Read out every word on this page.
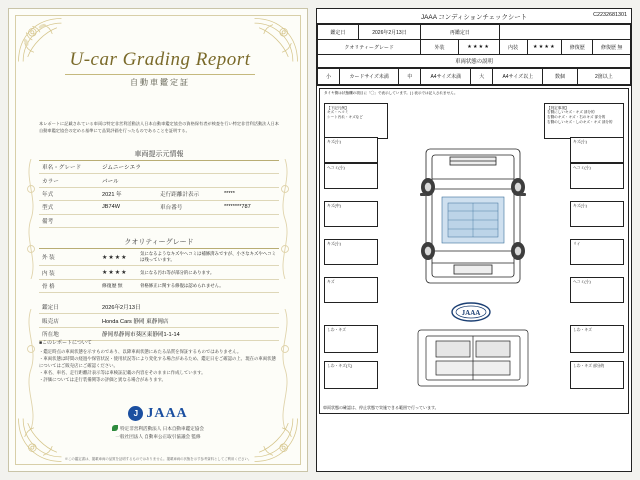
U-car Grading Report
自動車鑑定証
本レポートに記載されている車両は特定非営利活動法人日本自動車鑑定協会の資格保有者が検査を行い特定非営利活動法人日本自動車鑑定協会の定める基準にて品質評価を行ったものであることを証明する。
車両提示元情報
車名・グレード	ジムニーシエラ		
カラー	パール		
年式	2021 年	走行距離計表示	*****
型式	JB74W	車台番号	********787
備考			
クオリティーグレード
外 装	★★★★	気になるようなキズやへコミは補修済みですが、小さなキズやヘコミは残っています。
内 装	★★★★	気になる汚れ等が部分的にあります。
骨 格	修復歴 無	骨格修正に関する修復は認められません。
鑑定日	2026年2月13日
販売店	Honda Cars 静岡 東静岡店
所在地	静岡県静岡市葵区東静岡1-1-14
■このレポートについて
・鑑定時点の車両状態を示すものであり、以降車両状態にあたる品質を保証するものではありません。
・車両状態は時間の経過や保管状況・使用状況等により変化する場合があるため、鑑定日をご確認の上、現在の車両状態についてはご販売店にご確認ください。
・車名、車名、走行距離計表示等は車検証記載の内容をそのままに作成しています。
・評価については走行装備関等の評価と異なる場合があります。
J JAAA
特定非営利活動法人 日本自動車鑑定協会
一般社団法人 自動車公正取引協議会 監修
※この鑑定書は、掲載車両の品質を証明するものではありません。掲載車両の状態を示す参考資料としてご利用ください。
JAAA コンディションチェックシート	C2232681301
鑑定日	2026年2月13日	再鑑定日					
クオリティーグレード		外装	★★★★	内装	★★★★	修復歴	修復歴 無
車両状態の説明
小	カードサイズ未満	中	A4サイズ未満	大	A4サイズ以上	数個	2箇以上
タイヤ側は状態欄の項目に「◯」で表示しています。( ) 表示では記入されません。
【下記凡例】
キズ・ヘコミ
シート汚れ・キズなど
【判定事項】
右側にしいキズ・キズ 部分的
右側のキズ・キズ・右のキズ 部分的
右側のしいキズ・しのキズ・キズ 部分的
キズ(小)
ヘコミ(小)
キズ(中)
キズ(小)
キズ
キズ(小)
ヘコミ(小)
キズ(小)
リイ
ヘコミ(小)
しわ・キズ
しわ・キズ(大)
しわ・キズ
しわ・キズ 部分的
JAAA
車両状態の確認は、停止状態で実施できる範囲で行っています。
